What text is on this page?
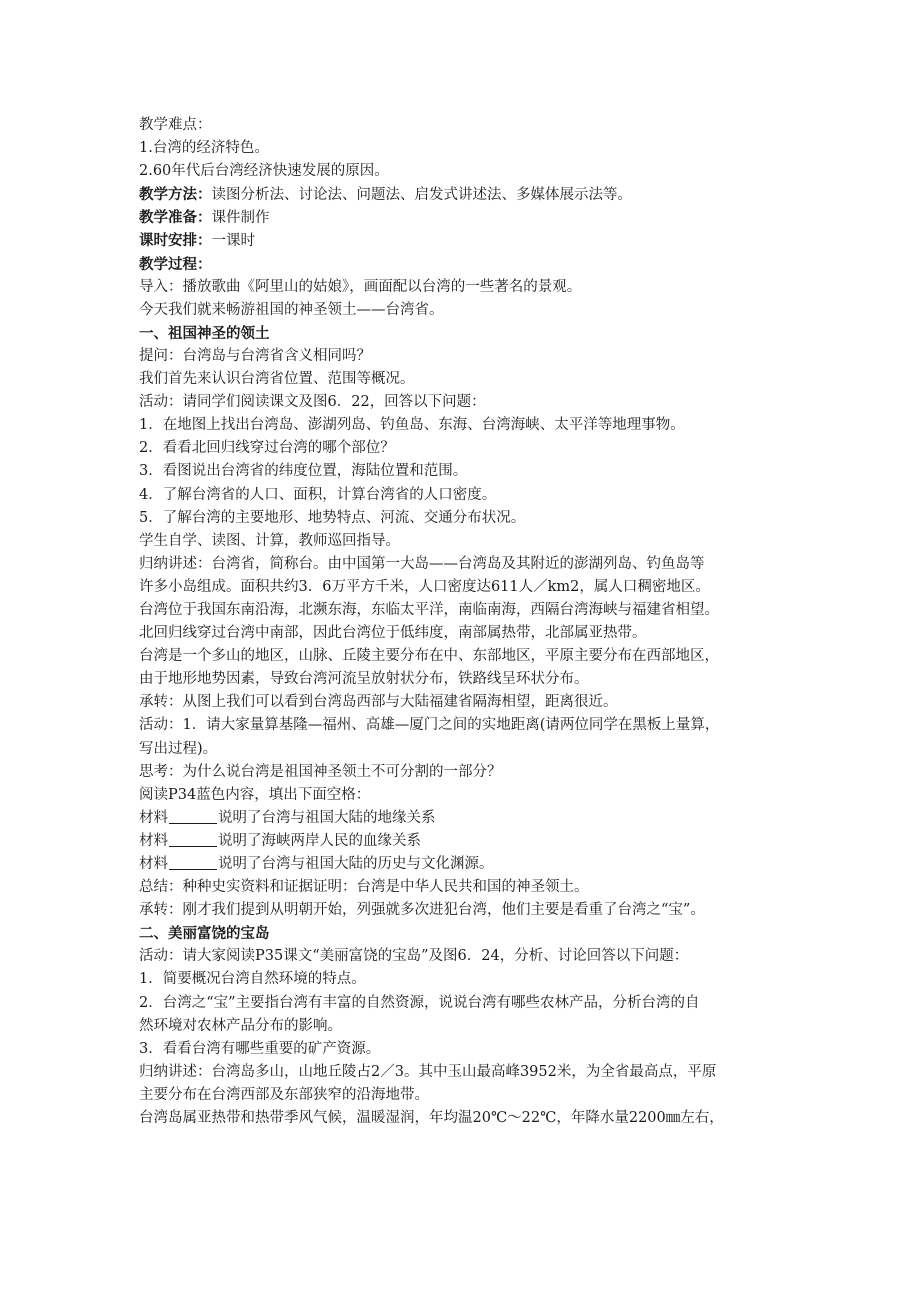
教学难点：
1.台湾的经济特色。
2.60年代后台湾经济快速发展的原因。
教学方法：读图分析法、讨论法、问题法、启发式讲述法、多媒体展示法等。
教学准备：课件制作
课时安排：一课时
教学过程：
导入：播放歌曲《阿里山的姑娘》，画面配以台湾的一些著名的景观。
今天我们就来畅游祖国的神圣领土——台湾省。
一、祖国神圣的领土
提问：台湾岛与台湾省含义相同吗？
我们首先来认识台湾省位置、范围等概况。
活动：请同学们阅读课文及图6．22，回答以下问题：
1．在地图上找出台湾岛、澎湖列岛、钓鱼岛、东海、台湾海峡、太平洋等地理事物。
2．看看北回归线穿过台湾的哪个部位？
3．看图说出台湾省的纬度位置，海陆位置和范围。
4．了解台湾省的人口、面积，计算台湾省的人口密度。
5．了解台湾的主要地形、地势特点、河流、交通分布状况。
学生自学、读图、计算，教师巡回指导。
归纳讲述：台湾省，简称台。由中国第一大岛——台湾岛及其附近的澎湖列岛、钓鱼岛等
许多小岛组成。面积共约3．6万平方千米，人口密度达611人／km2，属人口稠密地区。
台湾位于我国东南沿海，北濒东海，东临太平洋，南临南海，西隔台湾海峡与福建省相望。
北回归线穿过台湾中南部，因此台湾位于低纬度，南部属热带，北部属亚热带。
台湾是一个多山的地区，山脉、丘陵主要分布在中、东部地区，平原主要分布在西部地区，
由于地形地势因素，导致台湾河流呈放射状分布，铁路线呈环状分布。
承转：从图上我们可以看到台湾岛西部与大陆福建省隔海相望，距离很近。
活动：1．请大家量算基隆—福州、高雄—厦门之间的实地距离(请两位同学在黑板上量算，
写出过程)。
思考：为什么说台湾是祖国神圣领土不可分割的一部分？
阅读P34蓝色内容，填出下面空格：
材料	说明了台湾与祖国大陆的地缘关系
材料	说明了海峡两岸人民的血缘关系
材料	说明了台湾与祖国大陆的历史与文化渊源。
总结：种种史实资料和证据证明：台湾是中华人民共和国的神圣领土。
承转：刚才我们提到从明朝开始，列强就多次进犯台湾，他们主要是看重了台湾之“宝”。
二、美丽富饶的宝岛
活动：请大家阅读P35课文“美丽富饶的宝岛”及图6．24，分析、讨论回答以下问题：
1．简要概况台湾自然环境的特点。
2．台湾之“宝”主要指台湾有丰富的自然资源，说说台湾有哪些农林产品，分析台湾的自
然环境对农林产品分布的影响。
3．看看台湾有哪些重要的矿产资源。
归纳讲述：台湾岛多山，山地丘陵占2／3。其中玉山最高峰3952米，为全省最高点，平原
主要分布在台湾西部及东部狭窄的沿海地带。
台湾岛属亚热带和热带季风气候，温暖湿润，年均温20℃～22℃，年降水量2200㎜左右，
